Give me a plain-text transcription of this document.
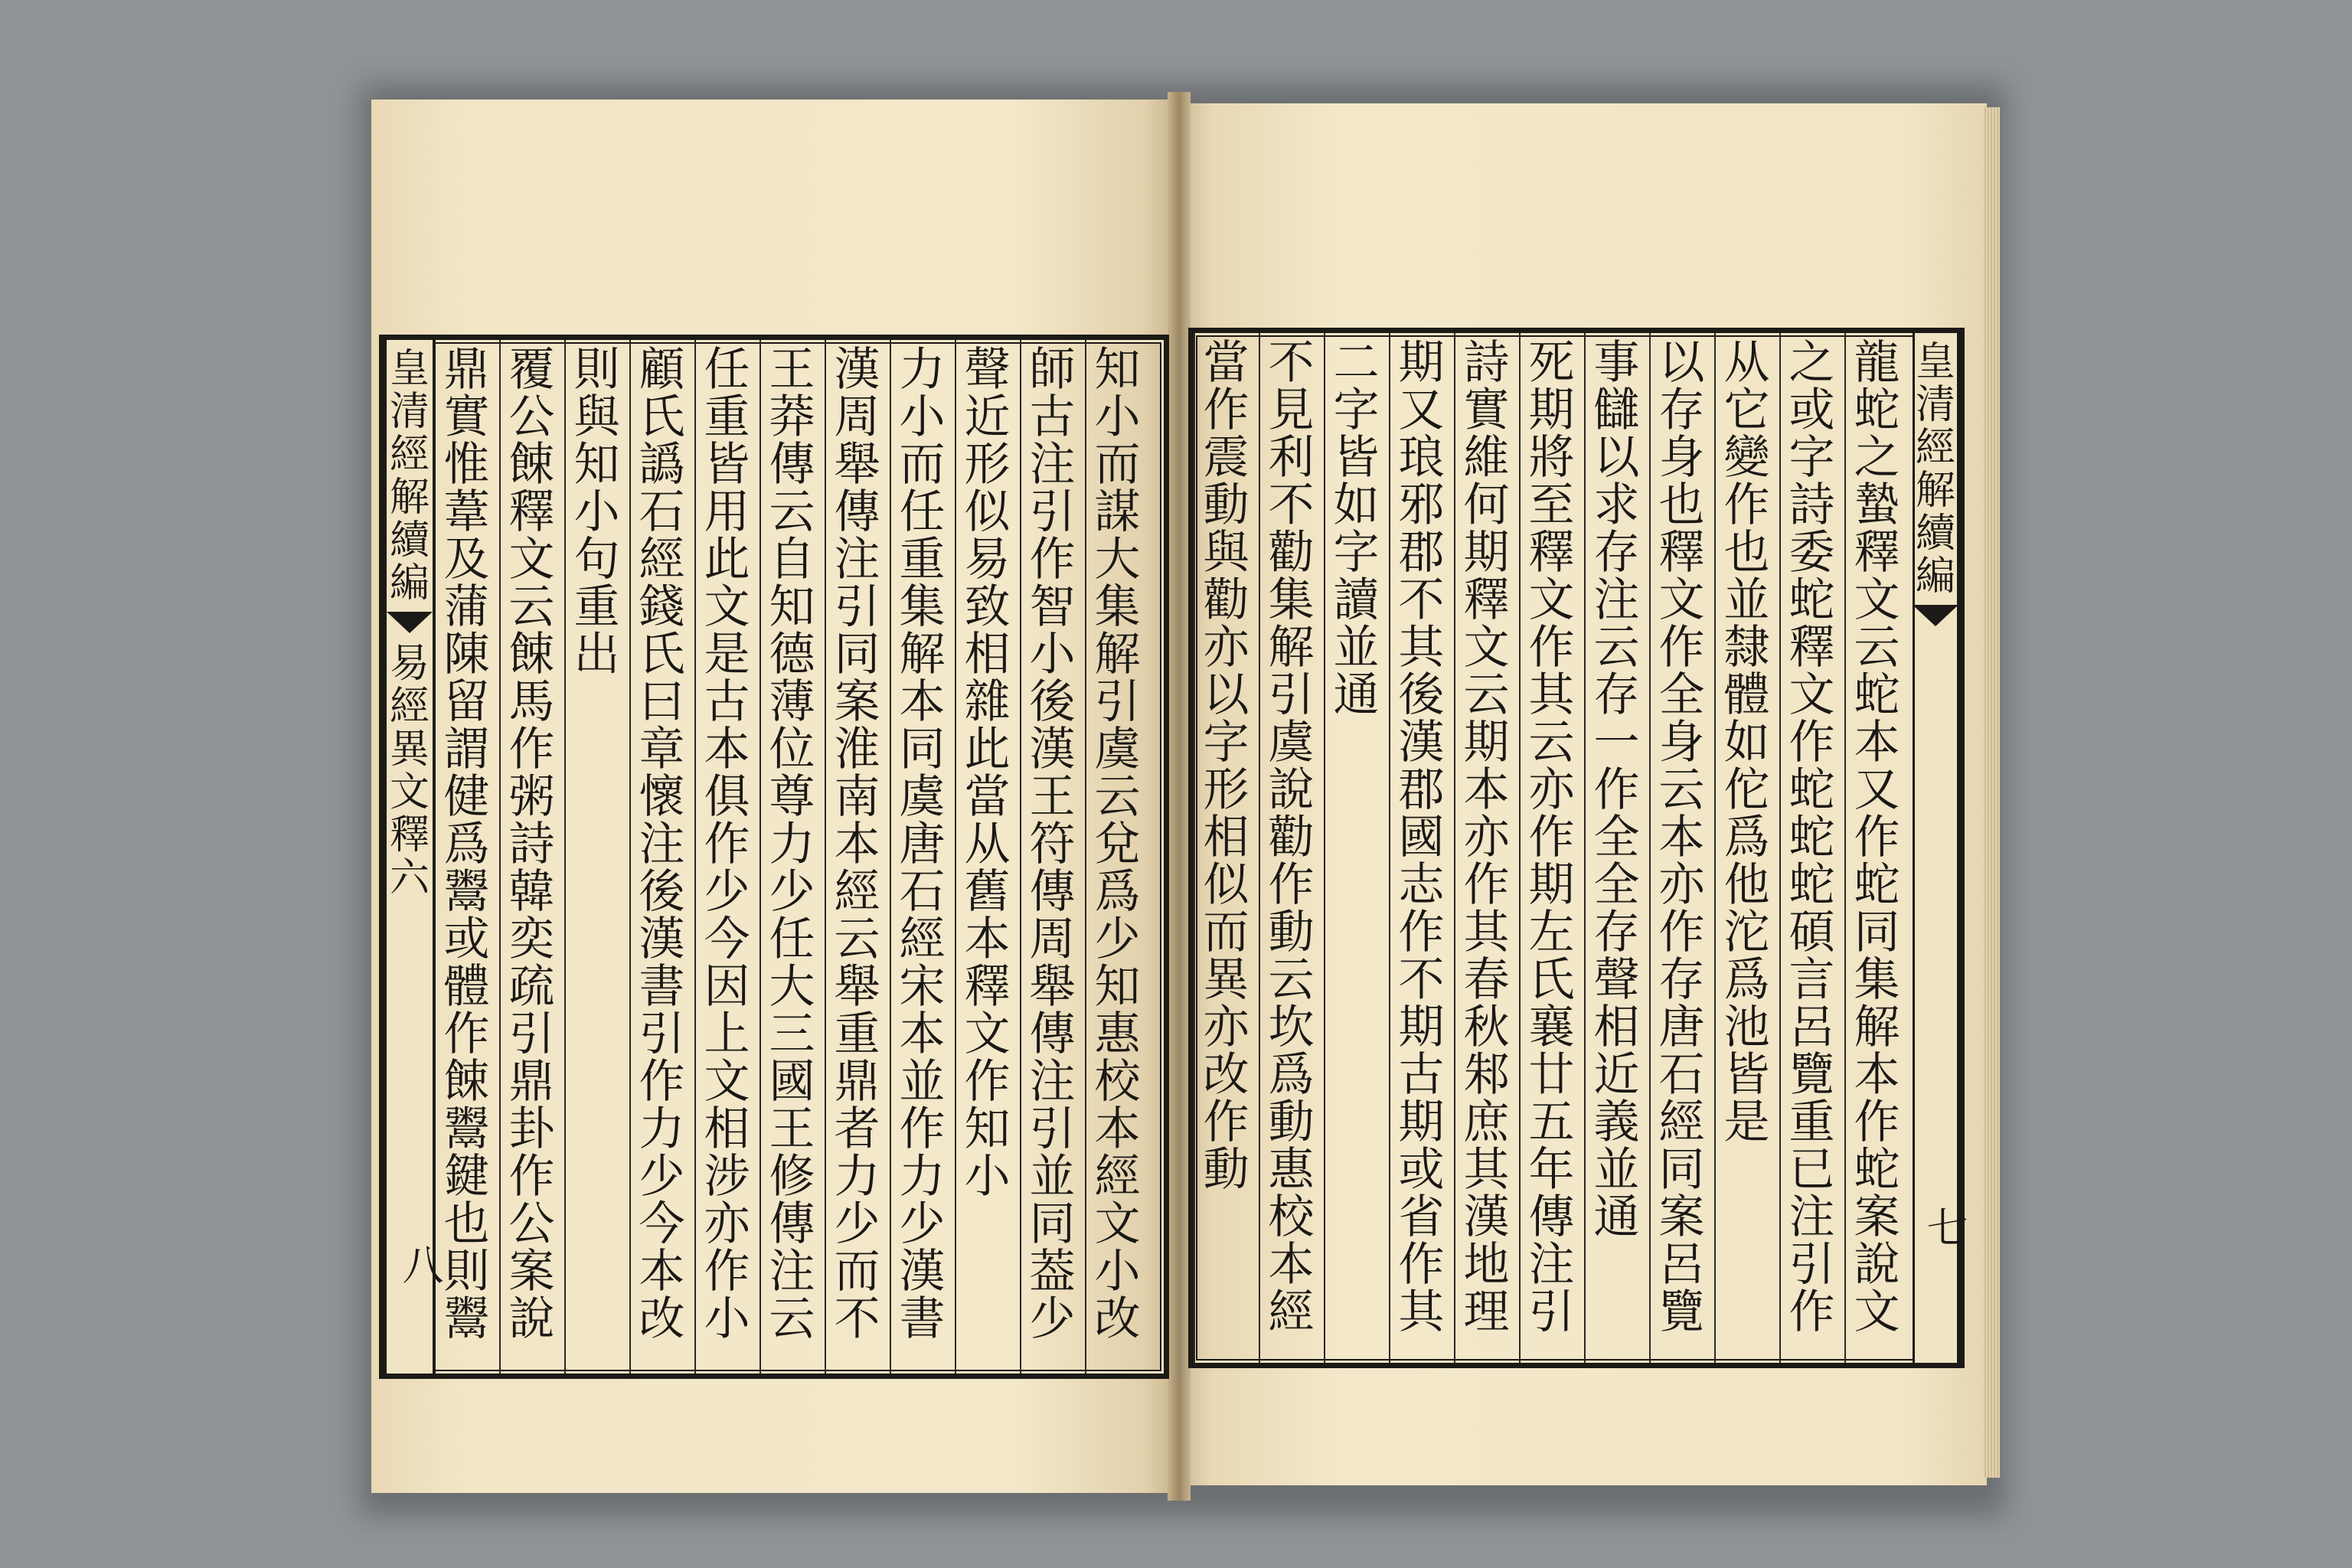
知
小
而
謀
大
集
解
引
虞
云
兌
爲
少
知
惠
校
本
經
文
小
改
師
古
注
引
作
智
小
後
漢
王
符
傳
周
舉
傳
注
引
並
同
葢
少
聲
近
形
似
易
致
相
雜
此
當
从
舊
本
釋
文
作
知
小
力
小
而
任
重
集
解
本
同
虞
唐
石
經
宋
本
並
作
力
少
漢
書
漢
周
舉
傳
注
引
同
案
淮
南
本
經
云
舉
重
鼎
者
力
少
而
不
王
莽
傳
云
自
知
德
薄
位
尊
力
少
任
大
三
國
王
修
傳
注
云
任
重
皆
用
此
文
是
古
本
俱
作
少
今
因
上
文
相
涉
亦
作
小
顧
氏
譌
石
經
錢
氏
曰
章
懷
注
後
漢
書
引
作
力
少
今
本
改
則
與
知
小
句
重
出
覆
公
餗
釋
文
云
餗
馬
作
粥
詩
韓
奕
疏
引
鼎
卦
作
公
案
說
鼎
實
惟
葦
及
蒲
陳
留
謂
健
爲
鬻
或
體
作
餗
鬻
鍵
也
則
鬻
皇
清
經
解
續
編
易
經
異
文
釋
六
八
龍
蛇
之
蟄
釋
文
云
蛇
本
又
作
蛇
同
集
解
本
作
蛇
案
說
文
之
或
字
詩
委
蛇
釋
文
作
蛇
蛇
蛇
碩
言
呂
覽
重
已
注
引
作
从
它
變
作
也
並
隸
體
如
佗
爲
他
沱
爲
池
皆
是
以
存
身
也
釋
文
作
全
身
云
本
亦
作
存
唐
石
經
同
案
呂
覽
事
讎
以
求
存
注
云
存
一
作
全
全
存
聲
相
近
義
並
通
死
期
將
至
釋
文
作
其
云
亦
作
期
左
氏
襄
廿
五
年
傳
注
引
詩
實
維
何
期
釋
文
云
期
本
亦
作
其
春
秋
邾
庶
其
漢
地
理
期
又
琅
邪
郡
不
其
後
漢
郡
國
志
作
不
期
古
期
或
省
作
其
二
字
皆
如
字
讀
並
通
不
見
利
不
勸
集
解
引
虞
說
勸
作
動
云
坎
爲
動
惠
校
本
經
當
作
震
動
與
勸
亦
以
字
形
相
似
而
異
亦
改
作
動
皇
清
經
解
續
編
七
